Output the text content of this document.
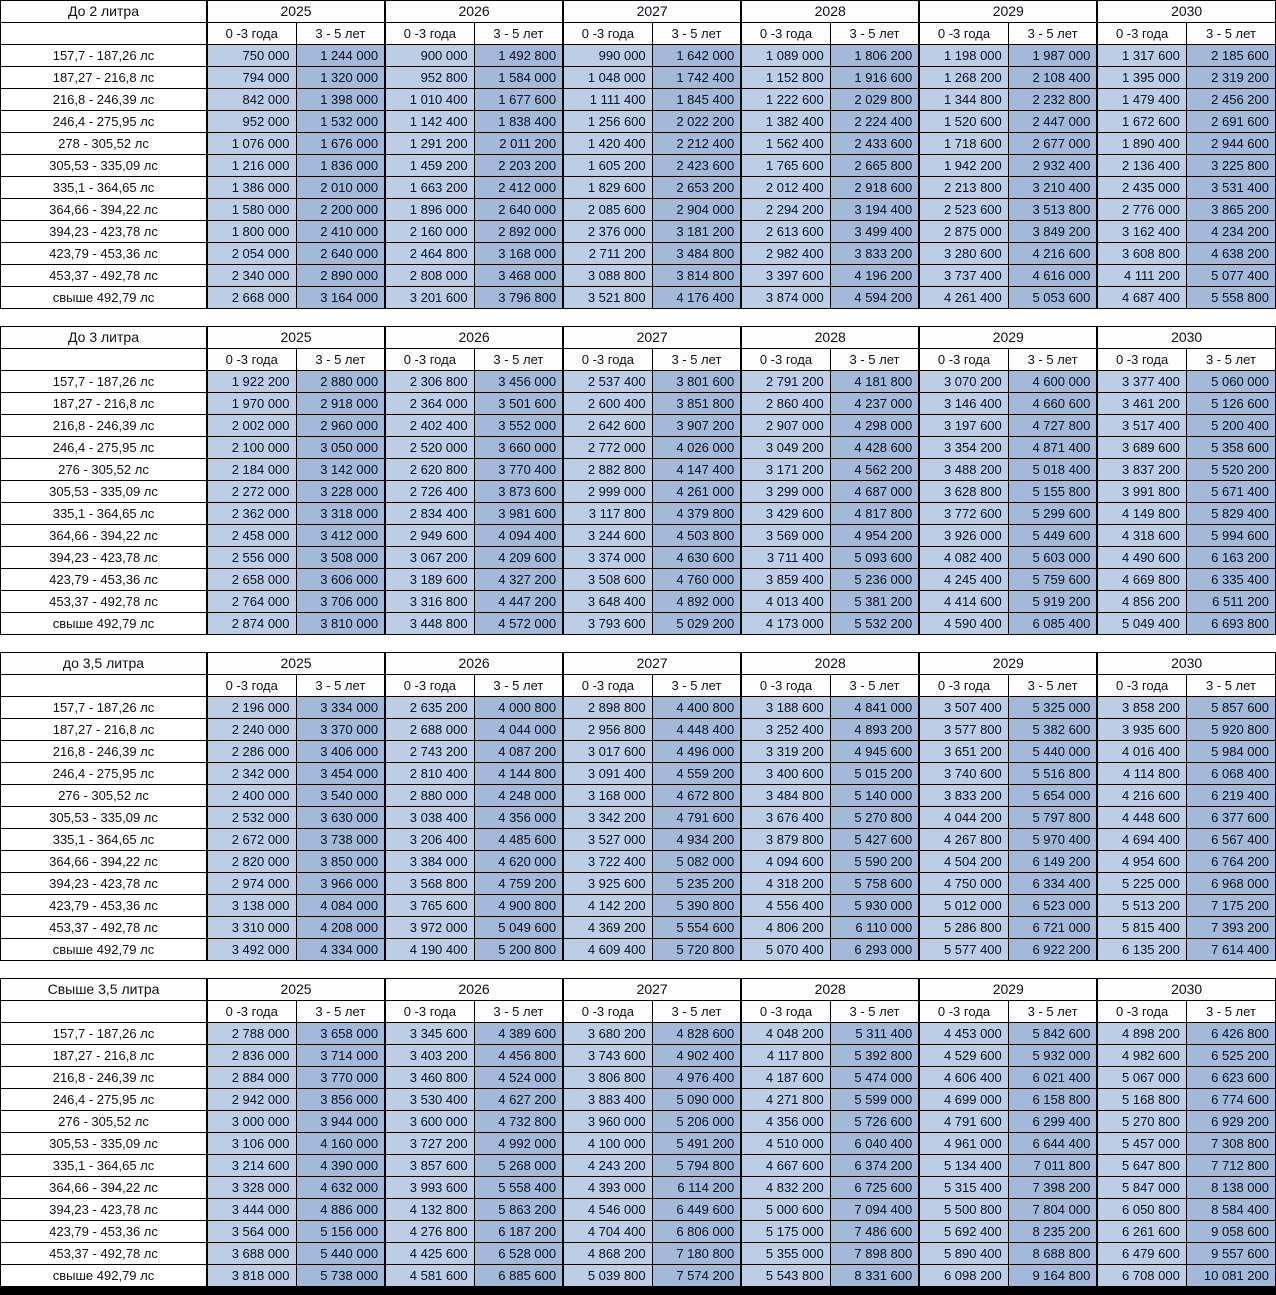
До 2 литра	2025		2026		2027		2028		2029		2030	
	0 -3 года	3 - 5 лет	0 -3 года	3 - 5 лет	0 -3 года	3 - 5 лет	0 -3 года	3 - 5 лет	0 -3 года	3 - 5 лет	0 -3 года	3 - 5 лет
157,7 - 187,26 лс	750 000	1 244 000	900 000	1 492 800	990 000	1 642 000	1 089 000	1 806 200	1 198 000	1 987 000	1 317 600	2 185 600
187,27 - 216,8 лс	794 000	1 320 000	952 800	1 584 000	1 048 000	1 742 400	1 152 800	1 916 600	1 268 200	2 108 400	1 395 000	2 319 200
216,8 - 246,39 лс	842 000	1 398 000	1 010 400	1 677 600	1 111 400	1 845 400	1 222 600	2 029 800	1 344 800	2 232 800	1 479 400	2 456 200
246,4 - 275,95 лс	952 000	1 532 000	1 142 400	1 838 400	1 256 600	2 022 200	1 382 400	2 224 400	1 520 600	2 447 000	1 672 600	2 691 600
278 - 305,52 лс	1 076 000	1 676 000	1 291 200	2 011 200	1 420 400	2 212 400	1 562 400	2 433 600	1 718 600	2 677 000	1 890 400	2 944 600
305,53 - 335,09 лс	1 216 000	1 836 000	1 459 200	2 203 200	1 605 200	2 423 600	1 765 600	2 665 800	1 942 200	2 932 400	2 136 400	3 225 800
335,1 - 364,65 лс	1 386 000	2 010 000	1 663 200	2 412 000	1 829 600	2 653 200	2 012 400	2 918 600	2 213 800	3 210 400	2 435 000	3 531 400
364,66 - 394,22 лс	1 580 000	2 200 000	1 896 000	2 640 000	2 085 600	2 904 000	2 294 200	3 194 400	2 523 600	3 513 800	2 776 000	3 865 200
394,23 - 423,78 лс	1 800 000	2 410 000	2 160 000	2 892 000	2 376 000	3 181 200	2 613 600	3 499 400	2 875 000	3 849 200	3 162 400	4 234 200
423,79 - 453,36 лс	2 054 000	2 640 000	2 464 800	3 168 000	2 711 200	3 484 800	2 982 400	3 833 200	3 280 600	4 216 600	3 608 800	4 638 200
453,37 - 492,78 лс	2 340 000	2 890 000	2 808 000	3 468 000	3 088 800	3 814 800	3 397 600	4 196 200	3 737 400	4 616 000	4 111 200	5 077 400
свыше 492,79 лс	2 668 000	3 164 000	3 201 600	3 796 800	3 521 800	4 176 400	3 874 000	4 594 200	4 261 400	5 053 600	4 687 400	5 558 800
До 3 литра	2025		2026		2027		2028		2029		2030	
	0 -3 года	3 - 5 лет	0 -3 года	3 - 5 лет	0 -3 года	3 - 5 лет	0 -3 года	3 - 5 лет	0 -3 года	3 - 5 лет	0 -3 года	3 - 5 лет
157,7 - 187,26 лс	1 922 200	2 880 000	2 306 800	3 456 000	2 537 400	3 801 600	2 791 200	4 181 800	3 070 200	4 600 000	3 377 400	5 060 000
187,27 - 216,8 лс	1 970 000	2 918 000	2 364 000	3 501 600	2 600 400	3 851 800	2 860 400	4 237 000	3 146 400	4 660 600	3 461 200	5 126 600
216,8 - 246,39 лс	2 002 000	2 960 000	2 402 400	3 552 000	2 642 600	3 907 200	2 907 000	4 298 000	3 197 600	4 727 800	3 517 400	5 200 400
246,4 - 275,95 лс	2 100 000	3 050 000	2 520 000	3 660 000	2 772 000	4 026 000	3 049 200	4 428 600	3 354 200	4 871 400	3 689 600	5 358 600
276 - 305,52 лс	2 184 000	3 142 000	2 620 800	3 770 400	2 882 800	4 147 400	3 171 200	4 562 200	3 488 200	5 018 400	3 837 200	5 520 200
305,53 - 335,09 лс	2 272 000	3 228 000	2 726 400	3 873 600	2 999 000	4 261 000	3 299 000	4 687 000	3 628 800	5 155 800	3 991 800	5 671 400
335,1 - 364,65 лс	2 362 000	3 318 000	2 834 400	3 981 600	3 117 800	4 379 800	3 429 600	4 817 800	3 772 600	5 299 600	4 149 800	5 829 400
364,66 - 394,22 лс	2 458 000	3 412 000	2 949 600	4 094 400	3 244 600	4 503 800	3 569 000	4 954 200	3 926 000	5 449 600	4 318 600	5 994 600
394,23 - 423,78 лс	2 556 000	3 508 000	3 067 200	4 209 600	3 374 000	4 630 600	3 711 400	5 093 600	4 082 400	5 603 000	4 490 600	6 163 200
423,79 - 453,36 лс	2 658 000	3 606 000	3 189 600	4 327 200	3 508 600	4 760 000	3 859 400	5 236 000	4 245 400	5 759 600	4 669 800	6 335 400
453,37 - 492,78 лс	2 764 000	3 706 000	3 316 800	4 447 200	3 648 400	4 892 000	4 013 400	5 381 200	4 414 600	5 919 200	4 856 200	6 511 200
свыше 492,79 лс	2 874 000	3 810 000	3 448 800	4 572 000	3 793 600	5 029 200	4 173 000	5 532 200	4 590 400	6 085 400	5 049 400	6 693 800
до 3,5 литра	2025		2026		2027		2028		2029		2030	
	0 -3 года	3 - 5 лет	0 -3 года	3 - 5 лет	0 -3 года	3 - 5 лет	0 -3 года	3 - 5 лет	0 -3 года	3 - 5 лет	0 -3 года	3 - 5 лет
157,7 - 187,26 лс	2 196 000	3 334 000	2 635 200	4 000 800	2 898 800	4 400 800	3 188 600	4 841 000	3 507 400	5 325 000	3 858 200	5 857 600
187,27 - 216,8 лс	2 240 000	3 370 000	2 688 000	4 044 000	2 956 800	4 448 400	3 252 400	4 893 200	3 577 800	5 382 600	3 935 600	5 920 800
216,8 - 246,39 лс	2 286 000	3 406 000	2 743 200	4 087 200	3 017 600	4 496 000	3 319 200	4 945 600	3 651 200	5 440 000	4 016 400	5 984 000
246,4 - 275,95 лс	2 342 000	3 454 000	2 810 400	4 144 800	3 091 400	4 559 200	3 400 600	5 015 200	3 740 600	5 516 800	4 114 800	6 068 400
276 - 305,52 лс	2 400 000	3 540 000	2 880 000	4 248 000	3 168 000	4 672 800	3 484 800	5 140 000	3 833 200	5 654 000	4 216 600	6 219 400
305,53 - 335,09 лс	2 532 000	3 630 000	3 038 400	4 356 000	3 342 200	4 791 600	3 676 400	5 270 800	4 044 200	5 797 800	4 448 600	6 377 600
335,1 - 364,65 лс	2 672 000	3 738 000	3 206 400	4 485 600	3 527 000	4 934 200	3 879 800	5 427 600	4 267 800	5 970 400	4 694 400	6 567 400
364,66 - 394,22 лс	2 820 000	3 850 000	3 384 000	4 620 000	3 722 400	5 082 000	4 094 600	5 590 200	4 504 200	6 149 200	4 954 600	6 764 200
394,23 - 423,78 лс	2 974 000	3 966 000	3 568 800	4 759 200	3 925 600	5 235 200	4 318 200	5 758 600	4 750 000	6 334 400	5 225 000	6 968 000
423,79 - 453,36 лс	3 138 000	4 084 000	3 765 600	4 900 800	4 142 200	5 390 800	4 556 400	5 930 000	5 012 000	6 523 000	5 513 200	7 175 200
453,37 - 492,78 лс	3 310 000	4 208 000	3 972 000	5 049 600	4 369 200	5 554 600	4 806 200	6 110 000	5 286 800	6 721 000	5 815 400	7 393 200
свыше 492,79 лс	3 492 000	4 334 000	4 190 400	5 200 800	4 609 400	5 720 800	5 070 400	6 293 000	5 577 400	6 922 200	6 135 200	7 614 400
Свыше 3,5 литра	2025		2026		2027		2028		2029		2030	
	0 -3 года	3 - 5 лет	0 -3 года	3 - 5 лет	0 -3 года	3 - 5 лет	0 -3 года	3 - 5 лет	0 -3 года	3 - 5 лет	0 -3 года	3 - 5 лет
157,7 - 187,26 лс	2 788 000	3 658 000	3 345 600	4 389 600	3 680 200	4 828 600	4 048 200	5 311 400	4 453 000	5 842 600	4 898 200	6 426 800
187,27 - 216,8 лс	2 836 000	3 714 000	3 403 200	4 456 800	3 743 600	4 902 400	4 117 800	5 392 800	4 529 600	5 932 000	4 982 600	6 525 200
216,8 - 246,39 лс	2 884 000	3 770 000	3 460 800	4 524 000	3 806 800	4 976 400	4 187 600	5 474 000	4 606 400	6 021 400	5 067 000	6 623 600
246,4 - 275,95 лс	2 942 000	3 856 000	3 530 400	4 627 200	3 883 400	5 090 000	4 271 800	5 599 000	4 699 000	6 158 800	5 168 800	6 774 600
276 - 305,52 лс	3 000 000	3 944 000	3 600 000	4 732 800	3 960 000	5 206 000	4 356 000	5 726 600	4 791 600	6 299 400	5 270 800	6 929 200
305,53 - 335,09 лс	3 106 000	4 160 000	3 727 200	4 992 000	4 100 000	5 491 200	4 510 000	6 040 400	4 961 000	6 644 400	5 457 000	7 308 800
335,1 - 364,65 лс	3 214 600	4 390 000	3 857 600	5 268 000	4 243 200	5 794 800	4 667 600	6 374 200	5 134 400	7 011 800	5 647 800	7 712 800
364,66 - 394,22 лс	3 328 000	4 632 000	3 993 600	5 558 400	4 393 000	6 114 200	4 832 200	6 725 600	5 315 400	7 398 200	5 847 000	8 138 000
394,23 - 423,78 лс	3 444 000	4 886 000	4 132 800	5 863 200	4 546 000	6 449 600	5 000 600	7 094 400	5 500 800	7 804 000	6 050 800	8 584 400
423,79 - 453,36 лс	3 564 000	5 156 000	4 276 800	6 187 200	4 704 400	6 806 000	5 175 000	7 486 600	5 692 400	8 235 200	6 261 600	9 058 600
453,37 - 492,78 лс	3 688 000	5 440 000	4 425 600	6 528 000	4 868 200	7 180 800	5 355 000	7 898 800	5 890 400	8 688 800	6 479 600	9 557 600
свыше 492,79 лс	3 818 000	5 738 000	4 581 600	6 885 600	5 039 800	7 574 200	5 543 800	8 331 600	6 098 200	9 164 800	6 708 000	10 081 200
